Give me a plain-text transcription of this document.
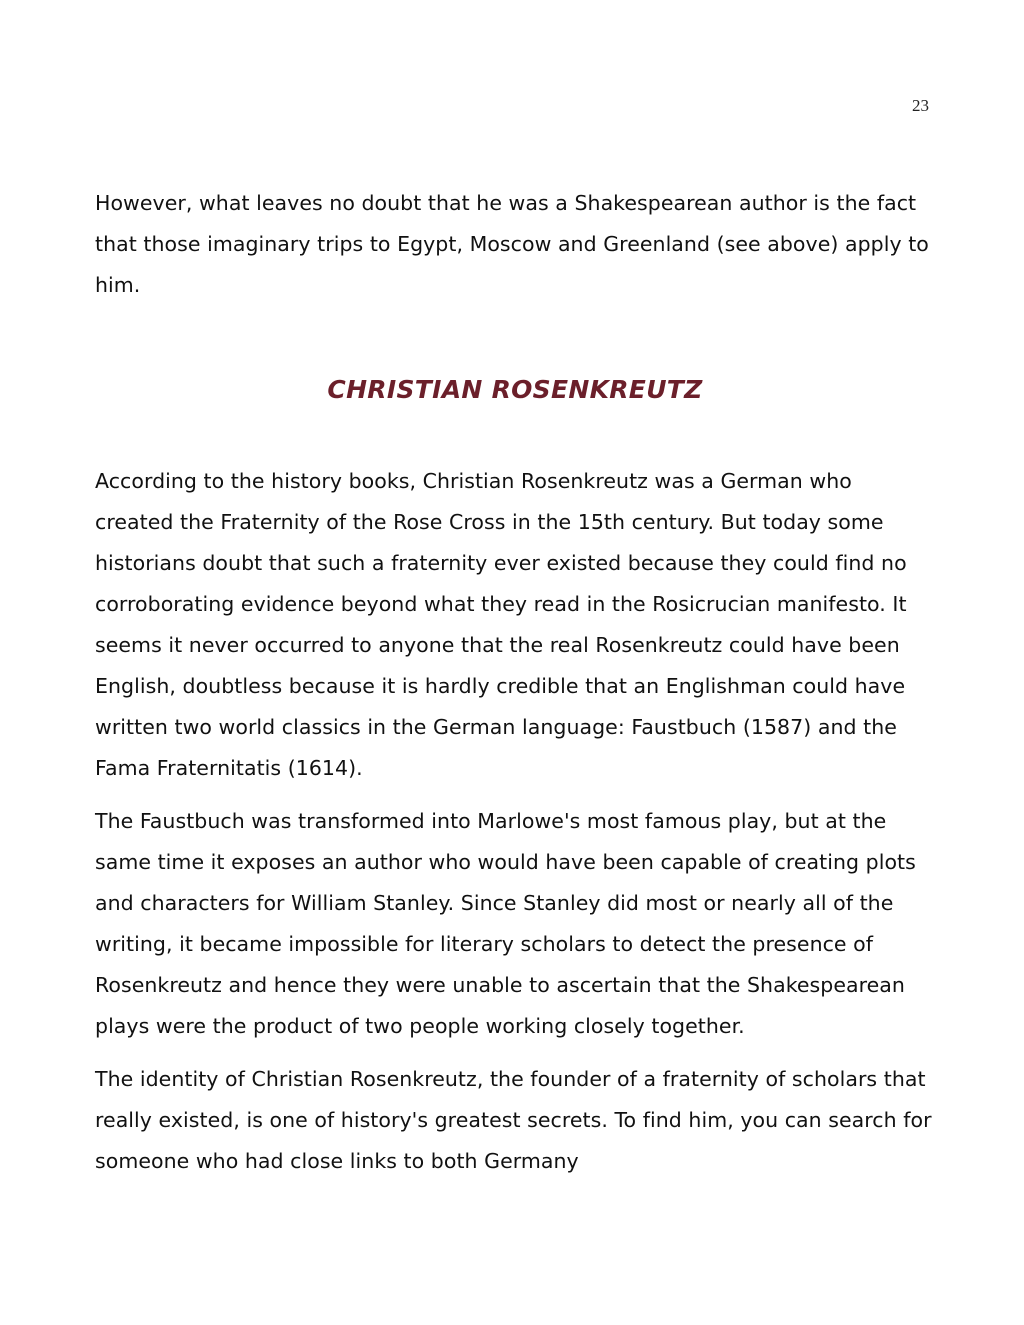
23

However, what leaves no doubt that he was a Shakespearean author is the fact that those imaginary trips to Egypt, Moscow and Greenland (see above) apply to him.

CHRISTIAN ROSENKREUTZ

According to the history books, Christian Rosenkreutz was a German who created the Fraternity of the Rose Cross in the 15th century. But today some historians doubt that such a fraternity ever existed because they could find no corroborating evidence beyond what they read in the Rosicrucian manifesto. It seems it never occurred to anyone that the real Rosenkreutz could have been English, doubtless because it is hardly credible that an Englishman could have written two world classics in the German language: Faustbuch (1587) and the Fama Fraternitatis (1614).

The Faustbuch was transformed into Marlowe's most famous play, but at the same time it exposes an author who would have been capable of creating plots and characters for William Stanley. Since Stanley did most or nearly all of the writing, it became impossible for literary scholars to detect the presence of Rosenkreutz and hence they were unable to ascertain that the Shakespearean plays were the product of two people working closely together.

The identity of Christian Rosenkreutz, the founder of a fraternity of scholars that really existed, is one of history's greatest secrets. To find him, you can search for someone who had close links to both Germany
